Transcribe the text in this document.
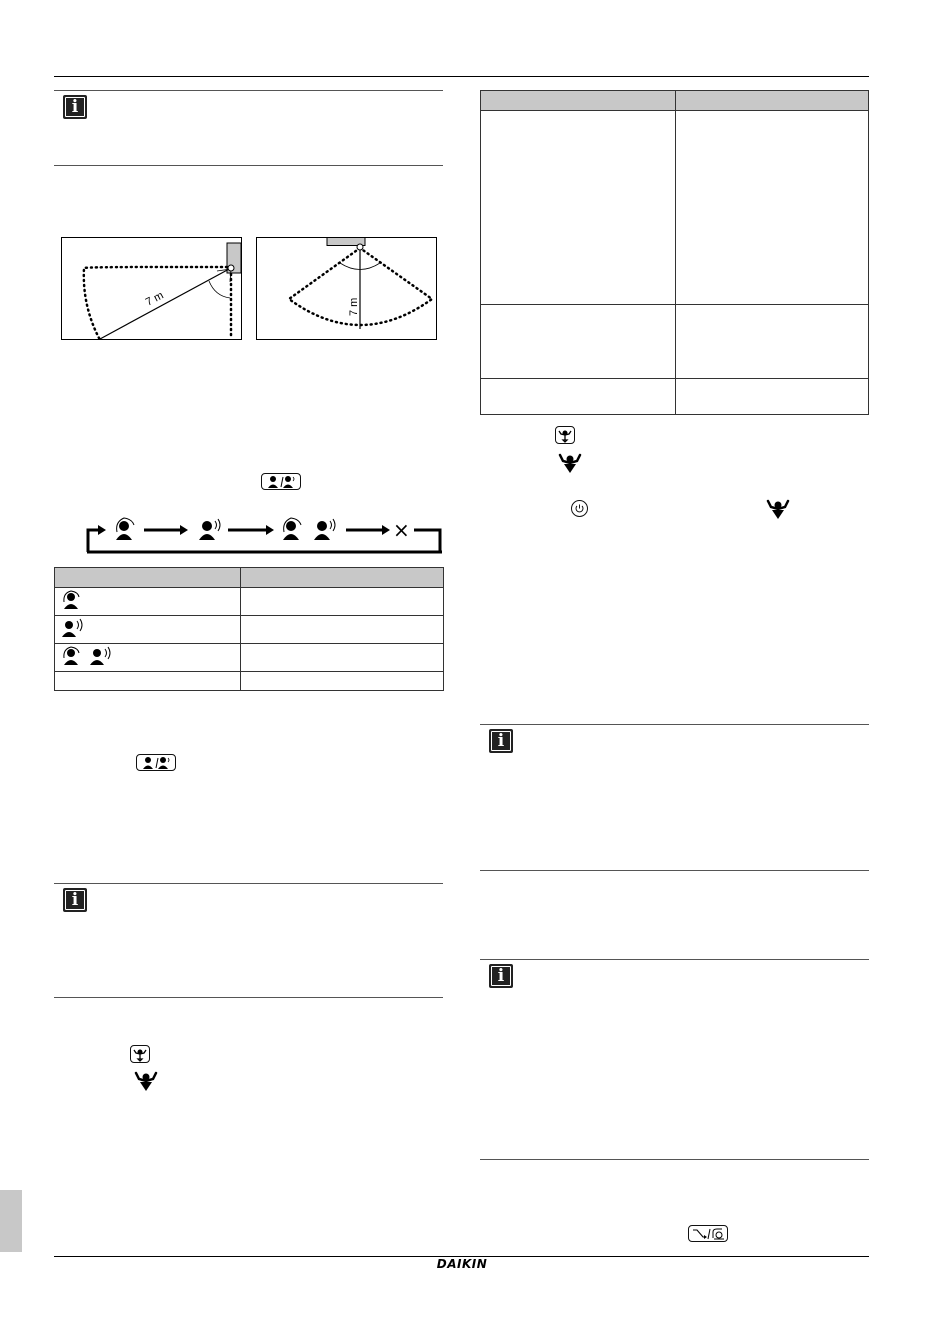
i
7 m	7 m
×

i

i
i
DAIKIN
